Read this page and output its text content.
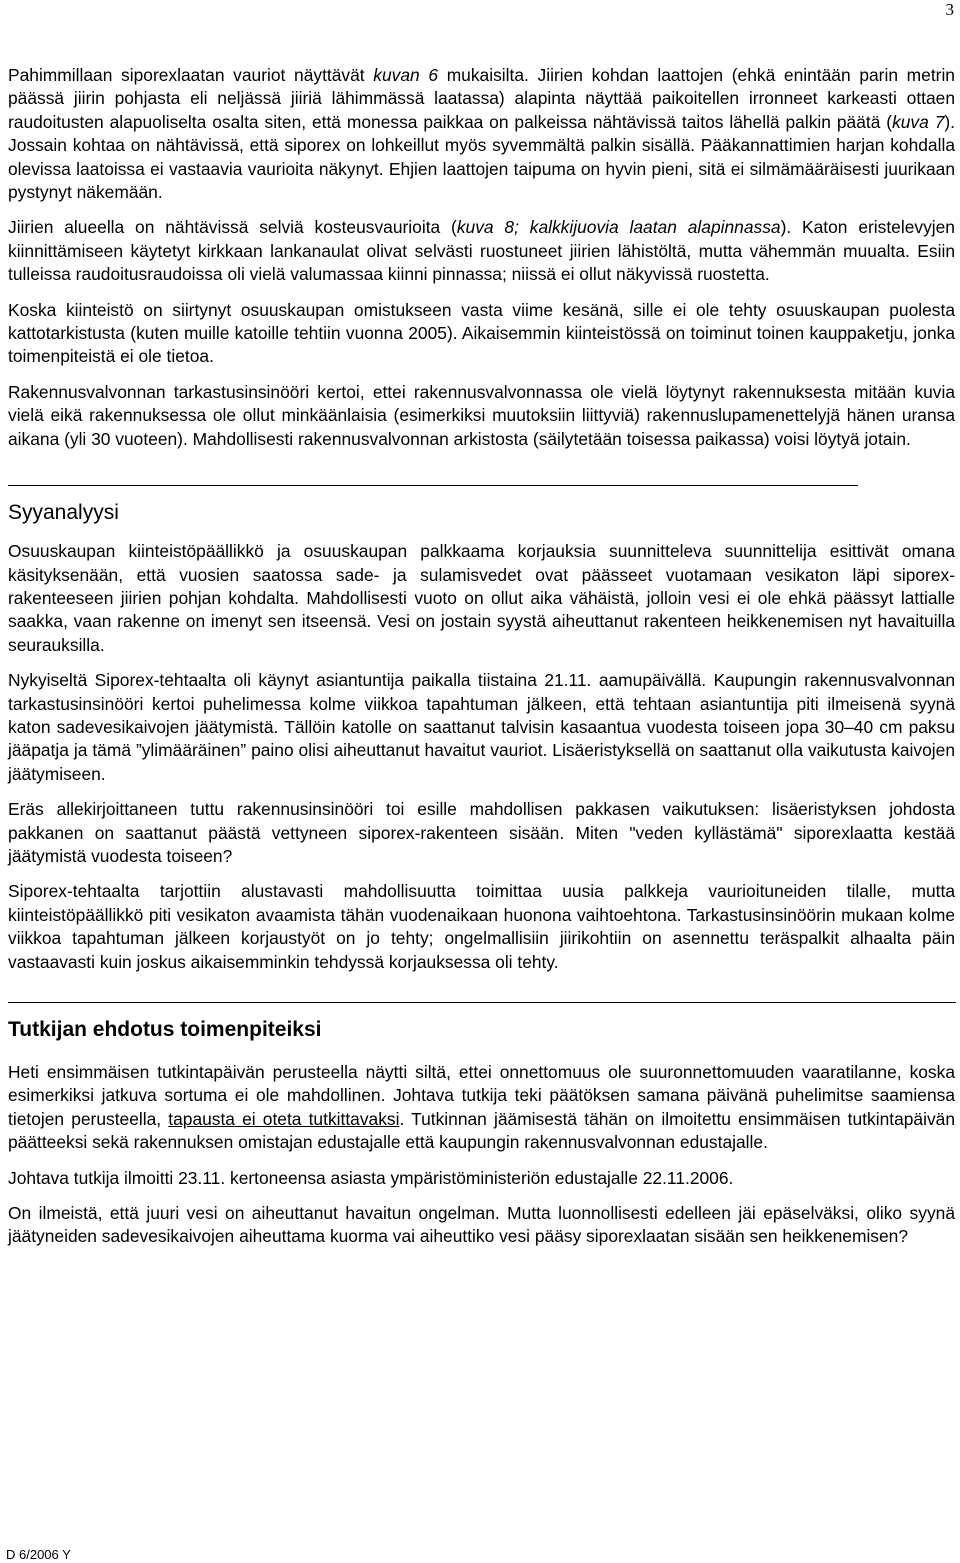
3

Pahimmillaan siporexlaatan vauriot näyttävät kuvan 6 mukaisilta. Jiirien kohdan laattojen (ehkä enintään parin metrin päässä jiirin pohjasta eli neljässä jiiriä lähimmässä laatassa) alapinta näyttää paikoitellen irronneet karkeasti ottaen raudoitusten alapuoliselta osalta siten, että monessa paikkaa on palkeissa nähtävissä taitos lähellä palkin päätä (kuva 7). Jossain kohtaa on nähtävissä, että siporex on lohkeillut myös syvemmältä palkin sisällä. Pääkannattimien harjan kohdalla olevissa laatoissa ei vastaavia vaurioita näkynyt. Ehjien laattojen taipuma on hyvin pieni, sitä ei silmämääräisesti juurikaan pystynyt näkemään.

Jiirien alueella on nähtävissä selviä kosteusvaurioita (kuva 8; kalkkijuovia laatan alapinnassa). Katon eristelevyjen kiinnittämiseen käytetyt kirkkaan lankanaulat olivat selvästi ruostuneet jiirien lähistöltä, mutta vähemmän muualta. Esiin tulleissa raudoitusraudoissa oli vielä valumassaa kiinni pinnassa; niissä ei ollut näkyvissä ruostetta.

Koska kiinteistö on siirtynyt osuuskaupan omistukseen vasta viime kesänä, sille ei ole tehty osuuskaupan puolesta kattotarkistusta (kuten muille katoille tehtiin vuonna 2005). Aikaisemmin kiinteistössä on toiminut toinen kauppaketju, jonka toimenpiteistä ei ole tietoa.

Rakennusvalvonnan tarkastusinsinööri kertoi, ettei rakennusvalvonnassa ole vielä löytynyt rakennuksesta mitään kuvia vielä eikä rakennuksessa ole ollut minkäänlaisia (esimerkiksi muutoksiin liittyviä) rakennuslupamenettelyjä hänen uransa aikana (yli 30 vuoteen). Mahdollisesti rakennusvalvonnan arkistosta (säilytetään toisessa paikassa) voisi löytyä jotain.

Syyanalyysi

Osuuskaupan kiinteistöpäällikkö ja osuuskaupan palkkaama korjauksia suunnitteleva suunnittelija esittivät omana käsityksenään, että vuosien saatossa sade- ja sulamisvedet ovat päässeet vuotamaan vesikaton läpi siporex-rakenteeseen jiirien pohjan kohdalta. Mahdollisesti vuoto on ollut aika vähäistä, jolloin vesi ei ole ehkä päässyt lattialle saakka, vaan rakenne on imenyt sen itseensä. Vesi on jostain syystä aiheuttanut rakenteen heikkenemisen nyt havaituilla seurauksilla.

Nykyiseltä Siporex-tehtaalta oli käynyt asiantuntija paikalla tiistaina 21.11. aamupäivällä. Kaupungin rakennusvalvonnan tarkastusinsinööri kertoi puhelimessa kolme viikkoa tapahtuman jälkeen, että tehtaan asiantuntija piti ilmeisenä syynä katon sadevesikaivojen jäätymistä. Tällöin katolle on saattanut talvisin kasaantua vuodesta toiseen jopa 30–40 cm paksu jääpatja ja tämä ”ylimääräinen” paino olisi aiheuttanut havaitut vauriot. Lisäeristyksellä on saattanut olla vaikutusta kaivojen jäätymiseen.

Eräs allekirjoittaneen tuttu rakennusinsinööri toi esille mahdollisen pakkasen vaikutuksen: lisäeristyksen johdosta pakkanen on saattanut päästä vettyneen siporex-rakenteen sisään. Miten "veden kyllästämä" siporexlaatta kestää jäätymistä vuodesta toiseen?

Siporex-tehtaalta tarjottiin alustavasti mahdollisuutta toimittaa uusia palkkeja vaurioituneiden tilalle, mutta kiinteistöpäällikkö piti vesikaton avaamista tähän vuodenaikaan huonona vaihtoehtona. Tarkastusinsinöörin mukaan kolme viikkoa tapahtuman jälkeen korjaustyöt on jo tehty; ongelmallisiin jiirikohtiin on asennettu teräspalkit alhaalta päin vastaavasti kuin joskus aikaisemminkin tehdyssä korjauksessa oli tehty.

Tutkijan ehdotus toimenpiteiksi

Heti ensimmäisen tutkintapäivän perusteella näytti siltä, ettei onnettomuus ole suuronnettomuuden vaaratilanne, koska esimerkiksi jatkuva sortuma ei ole mahdollinen. Johtava tutkija teki päätöksen samana päivänä puhelimitse saamiensa tietojen perusteella, tapausta ei oteta tutkittavaksi. Tutkinnan jäämisestä tähän on ilmoitettu ensimmäisen tutkintapäivän päätteeksi sekä rakennuksen omistajan edustajalle että kaupungin rakennusvalvonnan edustajalle.

Johtava tutkija ilmoitti 23.11. kertoneensa asiasta ympäristöministeriön edustajalle 22.11.2006.

On ilmeistä, että juuri vesi on aiheuttanut havaitun ongelman. Mutta luonnollisesti edelleen jäi epäselväksi, oliko syynä jäätyneiden sadevesikaivojen aiheuttama kuorma vai aiheuttiko vesi pääsy siporexlaatan sisään sen heikkenemisen?

D 6/2006 Y
